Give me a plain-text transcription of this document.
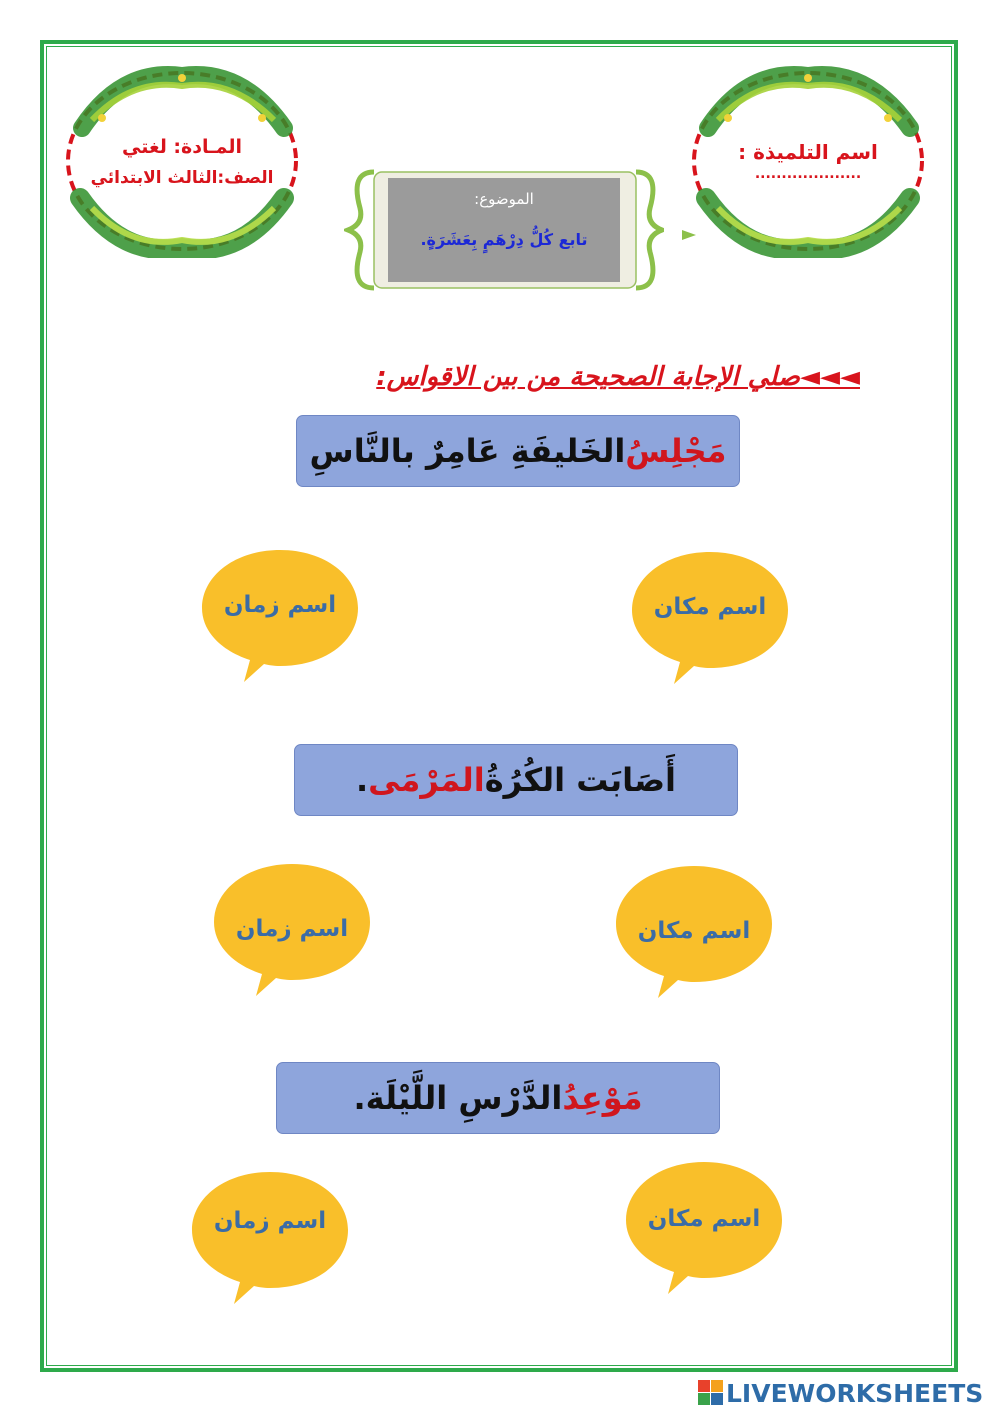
المـادة: لغتي
الصف:الثالث الابتدائي
اسم التلميذة :
....................
الموضوع:
تابع كُلُّ دِرْهَمٍ بِعَشَرَةٍ.
◄◄◄صلي الإجابة الصحيحة من بين الاقواس:
مَجْلِسُ
الخَليفَةِ عَامِرٌ بالنَّاسِ
اسم زمان	اسم مكان
أَصَابَت الكُرُةُ
المَرْمَى
.
اسم زمان	اسم مكان
مَوْعِدُ
الدَّرْسِ اللَّيْلَة.
اسم زمان	اسم مكان
LIVEWORKSHEETS
